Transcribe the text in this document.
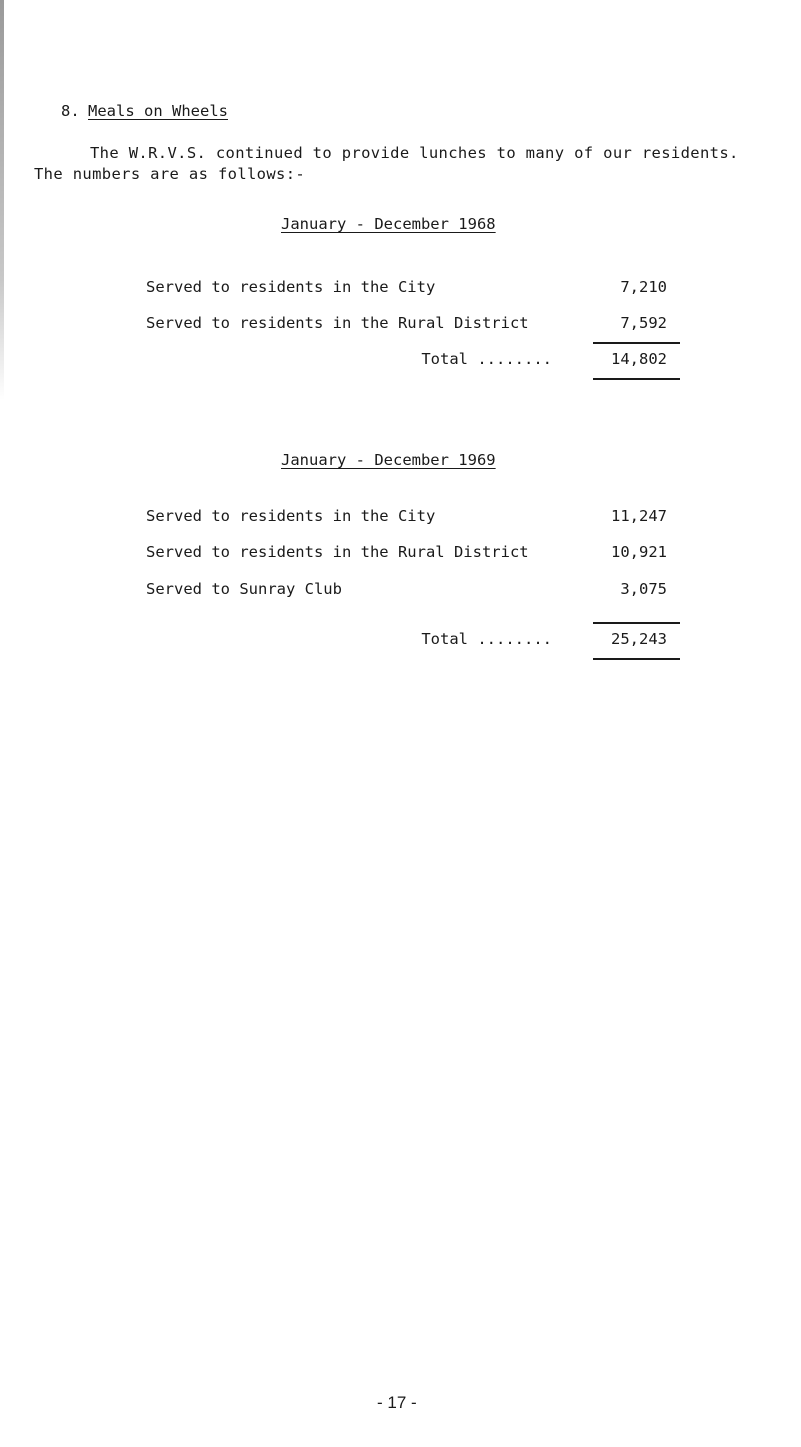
8. Meals on Wheels
The W.R.V.S. continued to provide lunches to many of our residents.
The numbers are as follows:-
January - December 1968
Served to residents in the City	7,210
Served to residents in the Rural District	7,592
Total ........	14,802
January - December 1969
Served to residents in the City	11,247
Served to residents in the Rural District	10,921
Served to Sunray Club	3,075
Total ........	25,243
- 17 -
